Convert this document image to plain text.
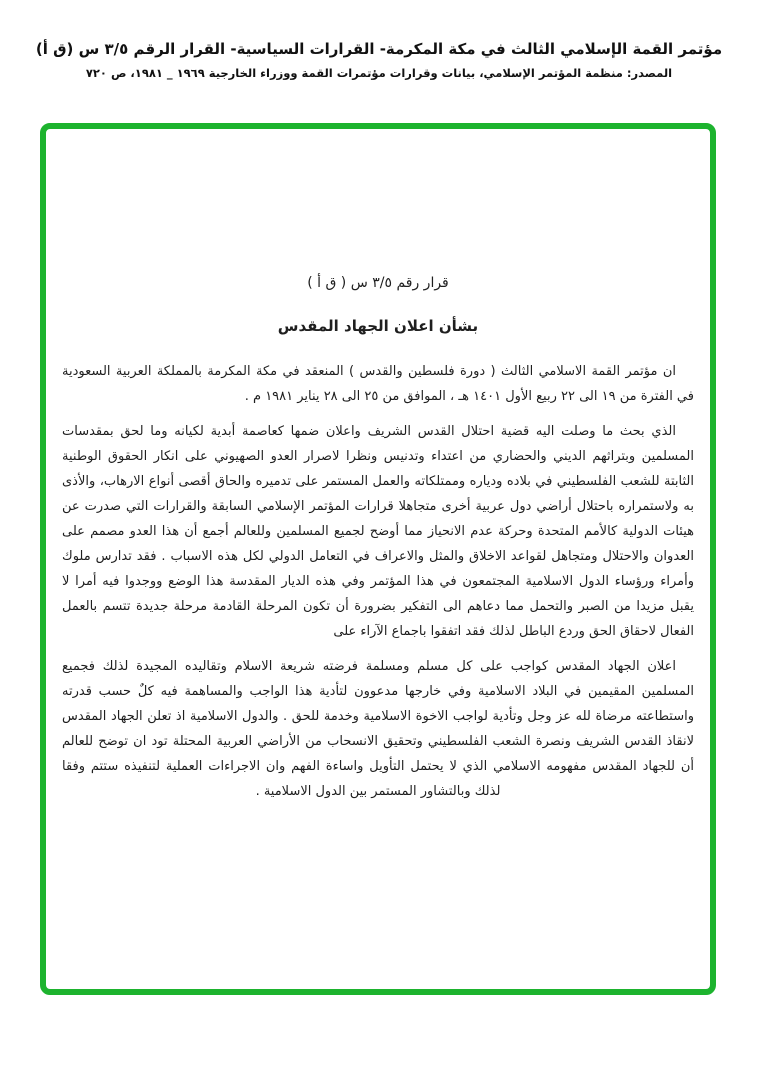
مؤتمر القمة الإسلامي الثالث في مكة المكرمة- القرارات السياسية- القرار الرقم ٣/٥ س (ق أ)
المصدر: منظمة المؤتمر الإسلامي، بيانات وقرارات مؤتمرات القمة ووزراء الخارجية ١٩٦٩ _ ١٩٨١، ص ٧٢٠
قرار رقم ٣/٥ س ( ق أ )
بشأن اعلان الجهاد المقدس

ان مؤتمر القمة الاسلامي الثالث ( دورة فلسطين والقدس ) المنعقد في مكة المكرمة بالمملكة العربية السعودية في الفترة من ١٩ الى ٢٢ ربيع الأول ١٤٠١ هـ ، الموافق من ٢٥ الى ٢٨ يناير ١٩٨١ م .

الذي بحث ما وصلت اليه قضية احتلال القدس الشريف واعلان ضمها كعاصمة أبدية لكيانه وما لحق بمقدسات المسلمين وبتراثهم الديني والحضاري من اعتداء وتدنيس ونظرا لاصرار العدو الصهيوني على انكار الحقوق الوطنية الثابتة للشعب الفلسطيني في بلاده ودياره وممتلكاته والعمل المستمر على تدميره والحاق أقصى أنواع الارهاب، والأذى به ولاستمراره باحتلال أراضي دول عربية أخرى متجاهلا قرارات المؤتمر الإسلامي السابقة والقرارات التي صدرت عن هيئات الدولية كالأمم المتحدة وحركة عدم الانحياز مما أوضح لجميع المسلمين وللعالم أجمع أن هذا العدو مصمم على العدوان والاحتلال ومتجاهل لقواعد الاخلاق والمثل والاعراف في التعامل الدولي لكل هذه الاسباب . فقد تدارس ملوك وأمراء ورؤساء الدول الاسلامية المجتمعون في هذا المؤتمر وفي هذه الديار المقدسة هذا الوضع ووجدوا فيه أمرا لا يقبل مزيدا من الصبر والتحمل مما دعاهم الى التفكير بضرورة أن تكون المرحلة القادمة مرحلة جديدة تتسم بالعمل الفعال لاحقاق الحق وردع الباطل لذلك فقد اتفقوا باجماع الآراء على

اعلان الجهاد المقدس كواجب على كل مسلم ومسلمة فرضته شريعة الاسلام وتقاليده المجيدة لذلك فجميع المسلمين المقيمين في البلاد الاسلامية وفي خارجها مدعوون لتأدية هذا الواجب والمساهمة فيه كلٌ حسب قدرته واستطاعته مرضاة لله عز وجل وتأدية لواجب الاخوة الاسلامية وخدمة للحق . والدول الاسلامية اذ تعلن الجهاد المقدس لانقاذ القدس الشريف ونصرة الشعب الفلسطيني وتحقيق الانسحاب من الأراضي العربية المحتلة تود ان توضح للعالم أن للجهاد المقدس مفهومه الاسلامي الذي لا يحتمل التأويل واساءة الفهم وان الاجراءات العملية لتنفيذه ستتم وفقا لذلك وبالتشاور المستمر بين الدول الاسلامية .
